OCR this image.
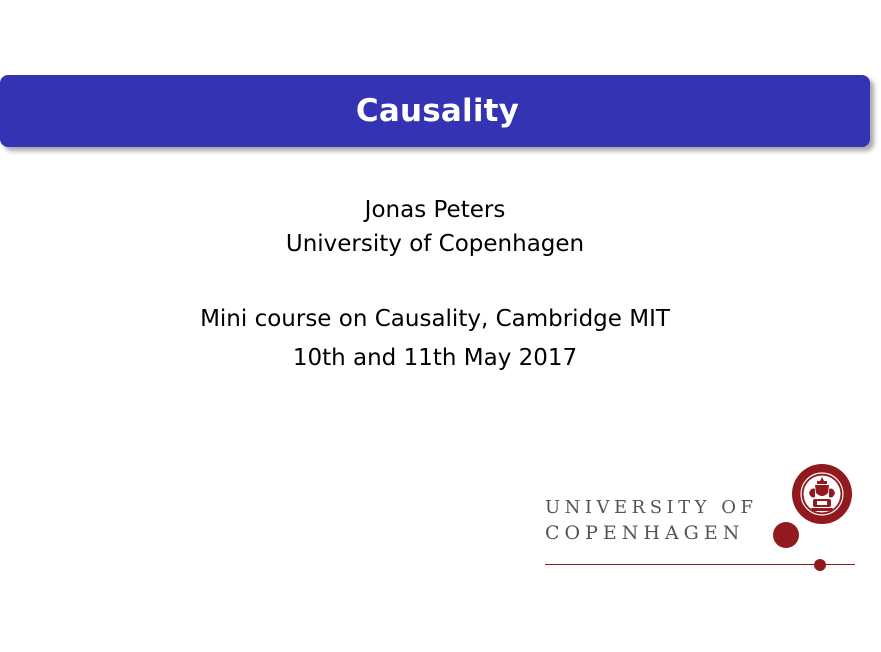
Causality
Jonas Peters
University of Copenhagen
Mini course on Causality, Cambridge MIT
10th and 11th May 2017
UNIVERSITY OF
COPENHAGEN
